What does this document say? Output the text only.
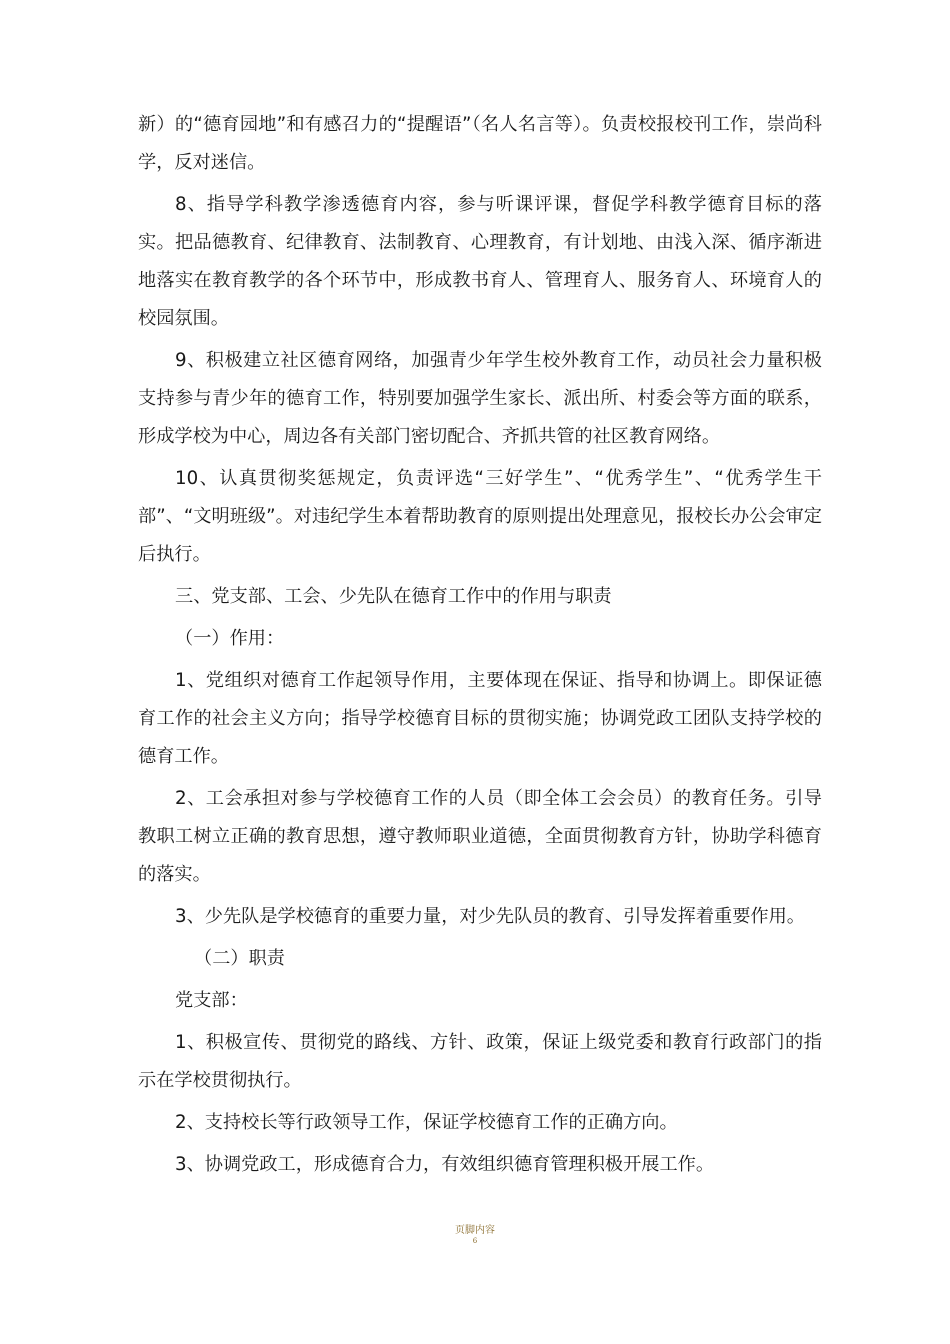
新）的“德育园地”和有感召力的“提醒语”（名人名言等）。负责校报校刊工作，崇尚科学，反对迷信。

8、指导学科教学渗透德育内容，参与听课评课，督促学科教学德育目标的落实。把品德教育、纪律教育、法制教育、心理教育，有计划地、由浅入深、循序渐进地落实在教育教学的各个环节中，形成教书育人、管理育人、服务育人、环境育人的校园氛围。

9、积极建立社区德育网络，加强青少年学生校外教育工作，动员社会力量积极支持参与青少年的德育工作，特别要加强学生家长、派出所、村委会等方面的联系，形成学校为中心，周边各有关部门密切配合、齐抓共管的社区教育网络。

10、认真贯彻奖惩规定，负责评选“三好学生”、“优秀学生”、“优秀学生干部”、“文明班级”。对违纪学生本着帮助教育的原则提出处理意见，报校长办公会审定后执行。

三、党支部、工会、少先队在德育工作中的作用与职责

（一）作用：

1、党组织对德育工作起领导作用，主要体现在保证、指导和协调上。即保证德育工作的社会主义方向；指导学校德育目标的贯彻实施；协调党政工团队支持学校的德育工作。

2、工会承担对参与学校德育工作的人员（即全体工会会员）的教育任务。引导教职工树立正确的教育思想，遵守教师职业道德，全面贯彻教育方针，协助学科德育的落实。

3、少先队是学校德育的重要力量，对少先队员的教育、引导发挥着重要作用。

（二）职责

党支部：

1、积极宣传、贯彻党的路线、方针、政策，保证上级党委和教育行政部门的指示在学校贯彻执行。

2、支持校长等行政领导工作，保证学校德育工作的正确方向。

3、协调党政工，形成德育合力，有效组织德育管理积极开展工作。

页脚内容
6
